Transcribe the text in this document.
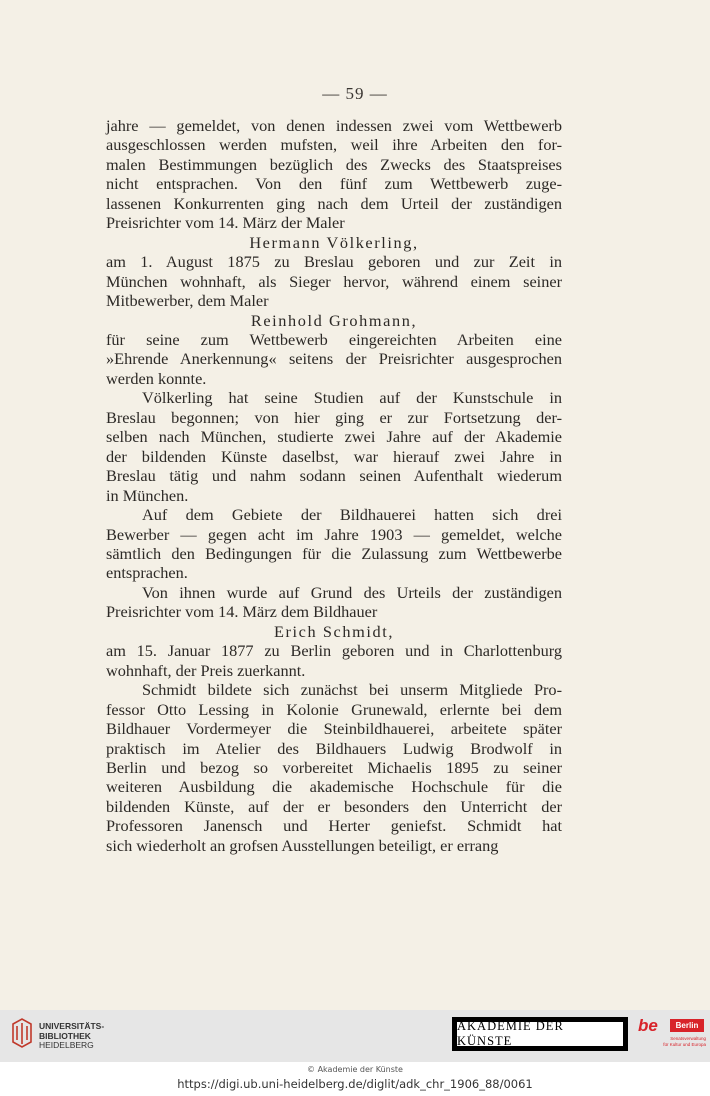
— 59 —
jahre — gemeldet, von denen indessen zwei vom Wettbewerb
ausgeschlossen werden mufsten, weil ihre Arbeiten den for-
malen Bestimmungen bezüglich des Zwecks des Staatspreises
nicht entsprachen. Von den fünf zum Wettbewerb zuge-
lassenen Konkurrenten ging nach dem Urteil der zuständigen
Preisrichter vom 14. März der Maler
Hermann Völkerling,
am 1. August 1875 zu Breslau geboren und zur Zeit in
München wohnhaft, als Sieger hervor, während einem seiner
Mitbewerber, dem Maler
Reinhold Grohmann,
für seine zum Wettbewerb eingereichten Arbeiten eine
»Ehrende Anerkennung« seitens der Preisrichter ausgesprochen
werden konnte.
Völkerling hat seine Studien auf der Kunstschule in
Breslau begonnen; von hier ging er zur Fortsetzung der-
selben nach München, studierte zwei Jahre auf der Akademie
der bildenden Künste daselbst, war hierauf zwei Jahre in
Breslau tätig und nahm sodann seinen Aufenthalt wiederum
in München.
Auf dem Gebiete der Bildhauerei hatten sich drei
Bewerber — gegen acht im Jahre 1903 — gemeldet, welche
sämtlich den Bedingungen für die Zulassung zum Wettbewerbe
entsprachen.
Von ihnen wurde auf Grund des Urteils der zuständigen
Preisrichter vom 14. März dem Bildhauer
Erich Schmidt,
am 15. Januar 1877 zu Berlin geboren und in Charlottenburg
wohnhaft, der Preis zuerkannt.
Schmidt bildete sich zunächst bei unserm Mitgliede Pro-
fessor Otto Lessing in Kolonie Grunewald, erlernte bei dem
Bildhauer Vordermeyer die Steinbildhauerei, arbeitete später
praktisch im Atelier des Bildhauers Ludwig Brodwolf in
Berlin und bezog so vorbereitet Michaelis 1895 zu seiner
weiteren Ausbildung die akademische Hochschule für die
bildenden Künste, auf der er besonders den Unterricht der
Professoren Janensch und Herter geniefst. Schmidt hat
sich wiederholt an grofsen Ausstellungen beteiligt, er errang
UNIVERSITÄTS-
BIBLIOTHEK
HEIDELBERG
AKADEMIE DER KÜNSTE
be	Berlin
Senatsverwaltung
für Kultur und Europa
© Akademie der Künste
https://digi.ub.uni-heidelberg.de/diglit/adk_chr_1906_88/0061
